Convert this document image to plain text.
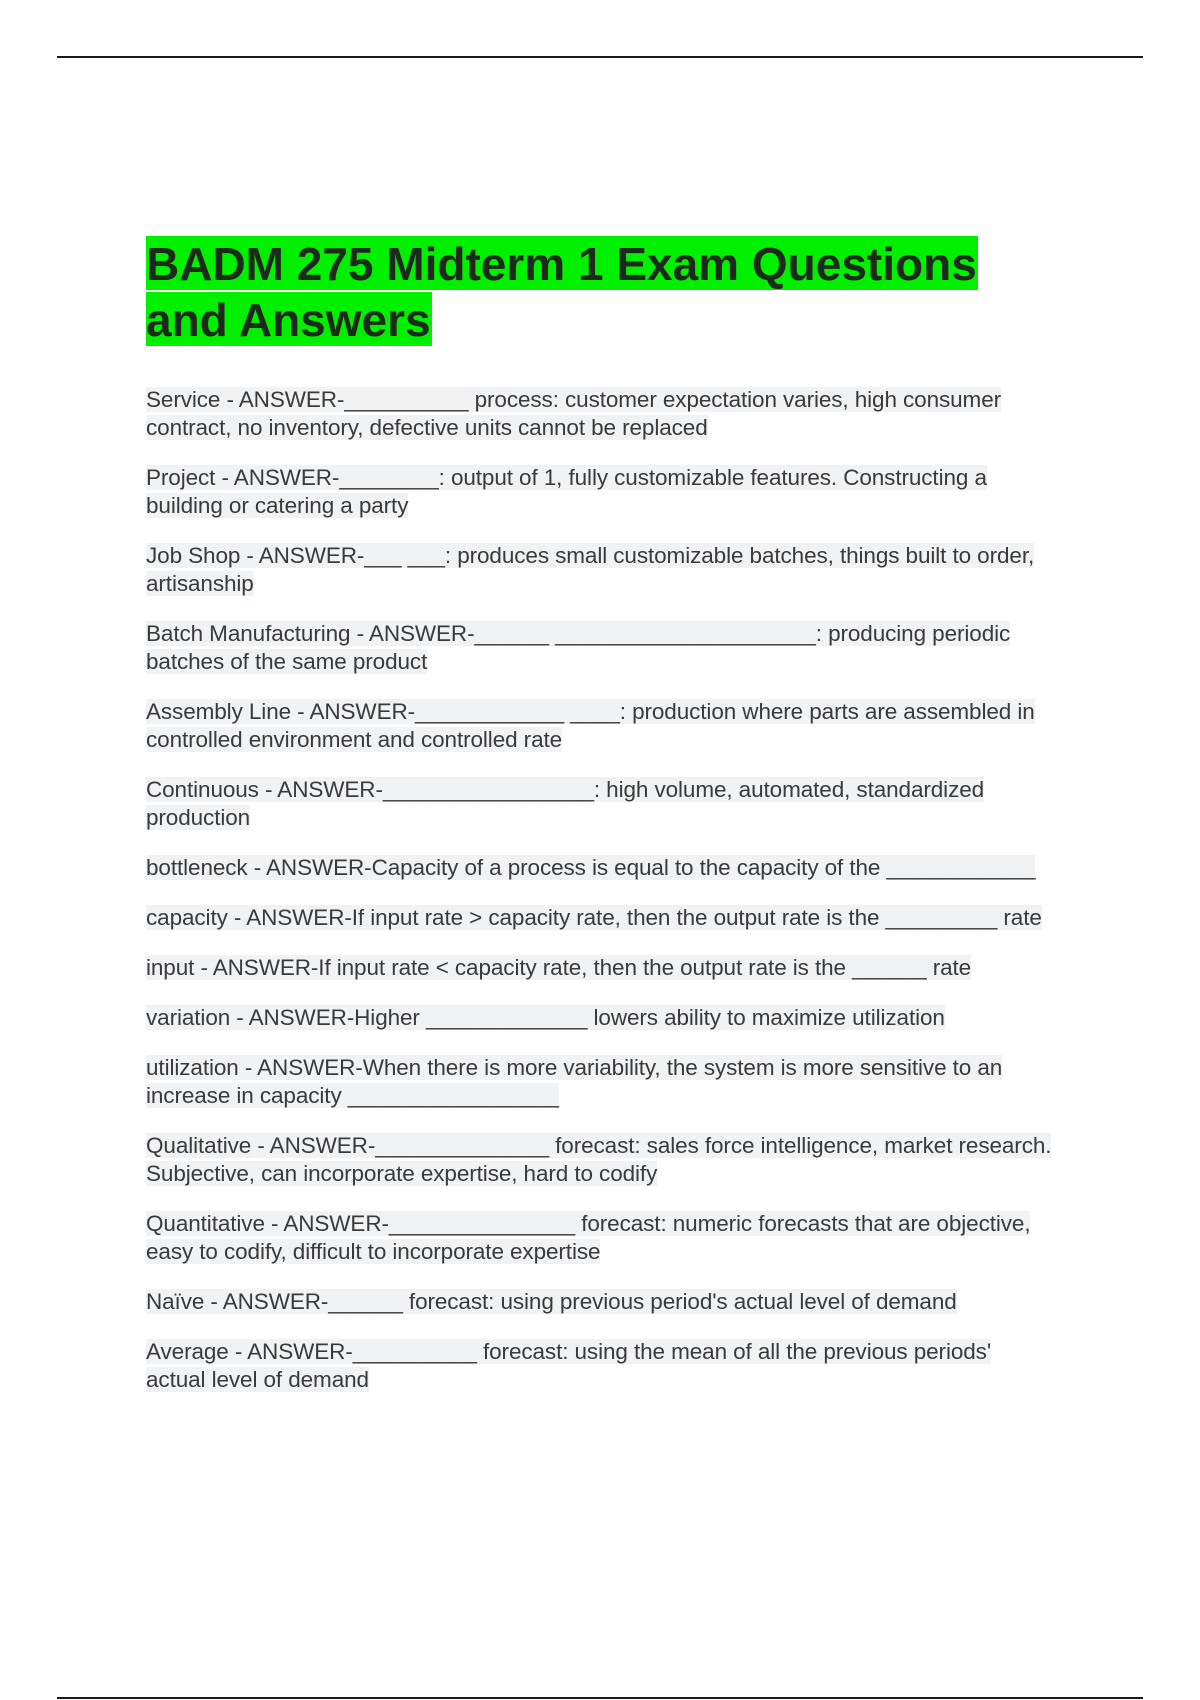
BADM 275 Midterm 1 Exam Questions and Answers

Service - ANSWER-__________ process: customer expectation varies, high consumer contract, no inventory, defective units cannot be replaced

Project - ANSWER-________: output of 1, fully customizable features. Constructing a building or catering a party

Job Shop - ANSWER-___ ___: produces small customizable batches, things built to order, artisanship

Batch Manufacturing - ANSWER-______ _____________________: producing periodic batches of the same product

Assembly Line - ANSWER-____________ ____: production where parts are assembled in controlled environment and controlled rate

Continuous - ANSWER-_________________: high volume, automated, standardized production

bottleneck - ANSWER-Capacity of a process is equal to the capacity of the ____________

capacity - ANSWER-If input rate > capacity rate, then the output rate is the _________ rate

input - ANSWER-If input rate < capacity rate, then the output rate is the ______ rate

variation - ANSWER-Higher _____________ lowers ability to maximize utilization

utilization - ANSWER-When there is more variability, the system is more sensitive to an increase in capacity _________________

Qualitative - ANSWER-______________ forecast: sales force intelligence, market research. Subjective, can incorporate expertise, hard to codify

Quantitative - ANSWER-_______________ forecast: numeric forecasts that are objective, easy to codify, difficult to incorporate expertise

Naïve - ANSWER-______ forecast: using previous period's actual level of demand

Average - ANSWER-__________ forecast: using the mean of all the previous periods' actual level of demand
